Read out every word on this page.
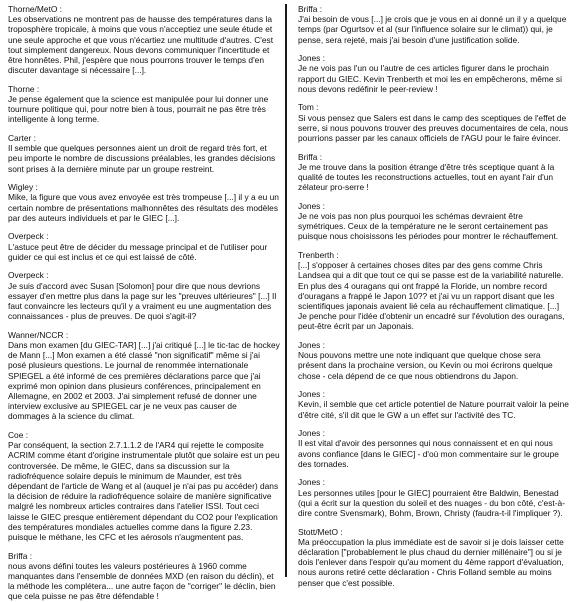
Thorne/MetO :
Les observations ne montrent pas de hausse des températures dans la troposphère tropicale, à moins que vous n'acceptiez une seule étude et une seule approche et que vous n'écartiez une multitude d'autres. C'est tout simplement dangereux. Nous devons communiquer l'incertitude et être honnêtes. Phil, j'espère que nous pourrons trouver le temps d'en discuter davantage si nécessaire [...].
Thorne :
Je pense également que la science est manipulée pour lui donner une tournure politique qui, pour notre bien à tous, pourrait ne pas être très intelligente à long terme.
Carter :
Il semble que quelques personnes aient un droit de regard très fort, et peu importe le nombre de discussions préalables, les grandes décisions sont prises à la dernière minute par un groupe restreint.
Wigley :
Mike, la figure que vous avez envoyée est très trompeuse [...] il y a eu un certain nombre de présentations malhonnêtes des résultats des modèles par des auteurs individuels et par le GIEC [...].
Overpeck :
L'astuce peut être de décider du message principal et de l'utiliser pour guider ce qui est inclus et ce qui est laissé de côté.
Overpeck :
Je suis d'accord avec Susan [Solomon] pour dire que nous devrions essayer d'en mettre plus dans la page sur les "preuves ultérieures" [...] Il faut convaincre les lecteurs qu'il y a vraiment eu une augmentation des connaissances - plus de preuves. De quoi s'agit-il?
Wanner/NCCR :
Dans mon examen [du GIEC-TAR] [...] j'ai critiqué [...] le tic-tac de hockey de Mann [...] Mon examen a été classé "non significatif" même si j'ai posé plusieurs questions. Le journal de renommée internationale SPIEGEL a été informé de ces premières déclarations parce que j'ai exprimé mon opinion dans plusieurs conférences, principalement en Allemagne, en 2002 et 2003. J'ai simplement refusé de donner une interview exclusive au SPIEGEL car je ne veux pas causer de dommages à la science du climat.
Coe :
Par conséquent, la section 2.7.1.1.2 de l'AR4 qui rejette le composite ACRIM comme étant d'origine instrumentale plutôt que solaire est un peu controversée. De même, le GIEC, dans sa discussion sur la radiofréquence solaire depuis le minimum de Maunder, est très dépendant de l'article de Wang et al (auquel je n'ai pas pu accéder) dans la décision de réduire la radiofréquence solaire de manière significative malgré les nombreux articles contraires dans l'atelier ISSI. Tout ceci laisse le GIEC presque entièrement dépendant du CO2 pour l'explication des températures mondiales actuelles comme dans la figure 2.23. puisque le méthane, les CFC et les aérosols n'augmentent pas.
Briffa :
nous avons défini toutes les valeurs postérieures à 1960 comme manquantes dans l'ensemble de données MXD (en raison du déclin), et la méthode les complétera... une autre façon de "corriger" le déclin, bien que cela puisse ne pas être défendable !
Briffa :
J'ai besoin de vous [...] je crois que je vous en ai donné un il y a quelque temps (par Ogurtsov et al (sur l'influence solaire sur le climat)) qui, je pense, sera rejeté, mais j'ai besoin d'une justification solide.
Jones :
Je ne vois pas l'un ou l'autre de ces articles figurer dans le prochain rapport du GIEC. Kevin Trenberth et moi les en empêcherons, même si nous devons redéfinir le peer-review !
Tom :
Si vous pensez que Salers est dans le camp des sceptiques de l'effet de serre, si nous pouvons trouver des preuves documentaires de cela, nous pourrions passer par les canaux officiels de l'AGU pour le faire évincer.
Briffa :
Je me trouve dans la position étrange d'être très sceptique quant à la qualité de toutes les reconstructions actuelles, tout en ayant l'air d'un zélateur pro-serre !
Jones :
Je ne vois pas non plus pourquoi les schémas devraient être symétriques. Ceux de la température ne le seront certainement pas puisque nous choisissons les périodes pour montrer le réchauffement.
Trenberth :
[...] s'opposer à certaines choses dites par des gens comme Chris Landsea qui a dit que tout ce qui se passe est de la variabilité naturelle. En plus des 4 ouragans qui ont frappé la Floride, un nombre record d'ouragans a frappé le Japon 10?? et j'ai vu un rapport disant que les scientifiques japonais avaient lié cela au réchauffement climatique. [...] Je penche pour l'idée d'obtenir un encadré sur l'évolution des ouragans, peut-être écrit par un Japonais.
Jones :
Nous pouvons mettre une note indiquant que quelque chose sera présent dans la prochaine version, ou Kevin ou moi écrirons quelque chose - cela dépend de ce que nous obtiendrons du Japon.
Jones :
Kevin, il semble que cet article potentiel de Nature pourrait valoir la peine d'être cité, s'il dit que le GW a un effet sur l'activité des TC.
Jones :
Il est vital d'avoir des personnes qui nous connaissent et en qui nous avons confiance [dans le GIEC] - d'où mon commentaire sur le groupe des tornades.
Jones :
Les personnes utiles [pour le GIEC] pourraient être Baldwin, Benestad (qui a écrit sur la question du soleil et des nuages - du bon côté, c'est-à-dire contre Svensmark), Bohm, Brown, Christy (faudra-t-il l'impliquer ?).
Stott/MetO :
Ma préoccupation la plus immédiate est de savoir si je dois laisser cette déclaration ["probablement le plus chaud du dernier millénaire"] ou si je dois l'enlever dans l'espoir qu'au moment du 4ème rapport d'évaluation, nous aurons retiré cette déclaration - Chris Folland semble au moins penser que c'est possible.
